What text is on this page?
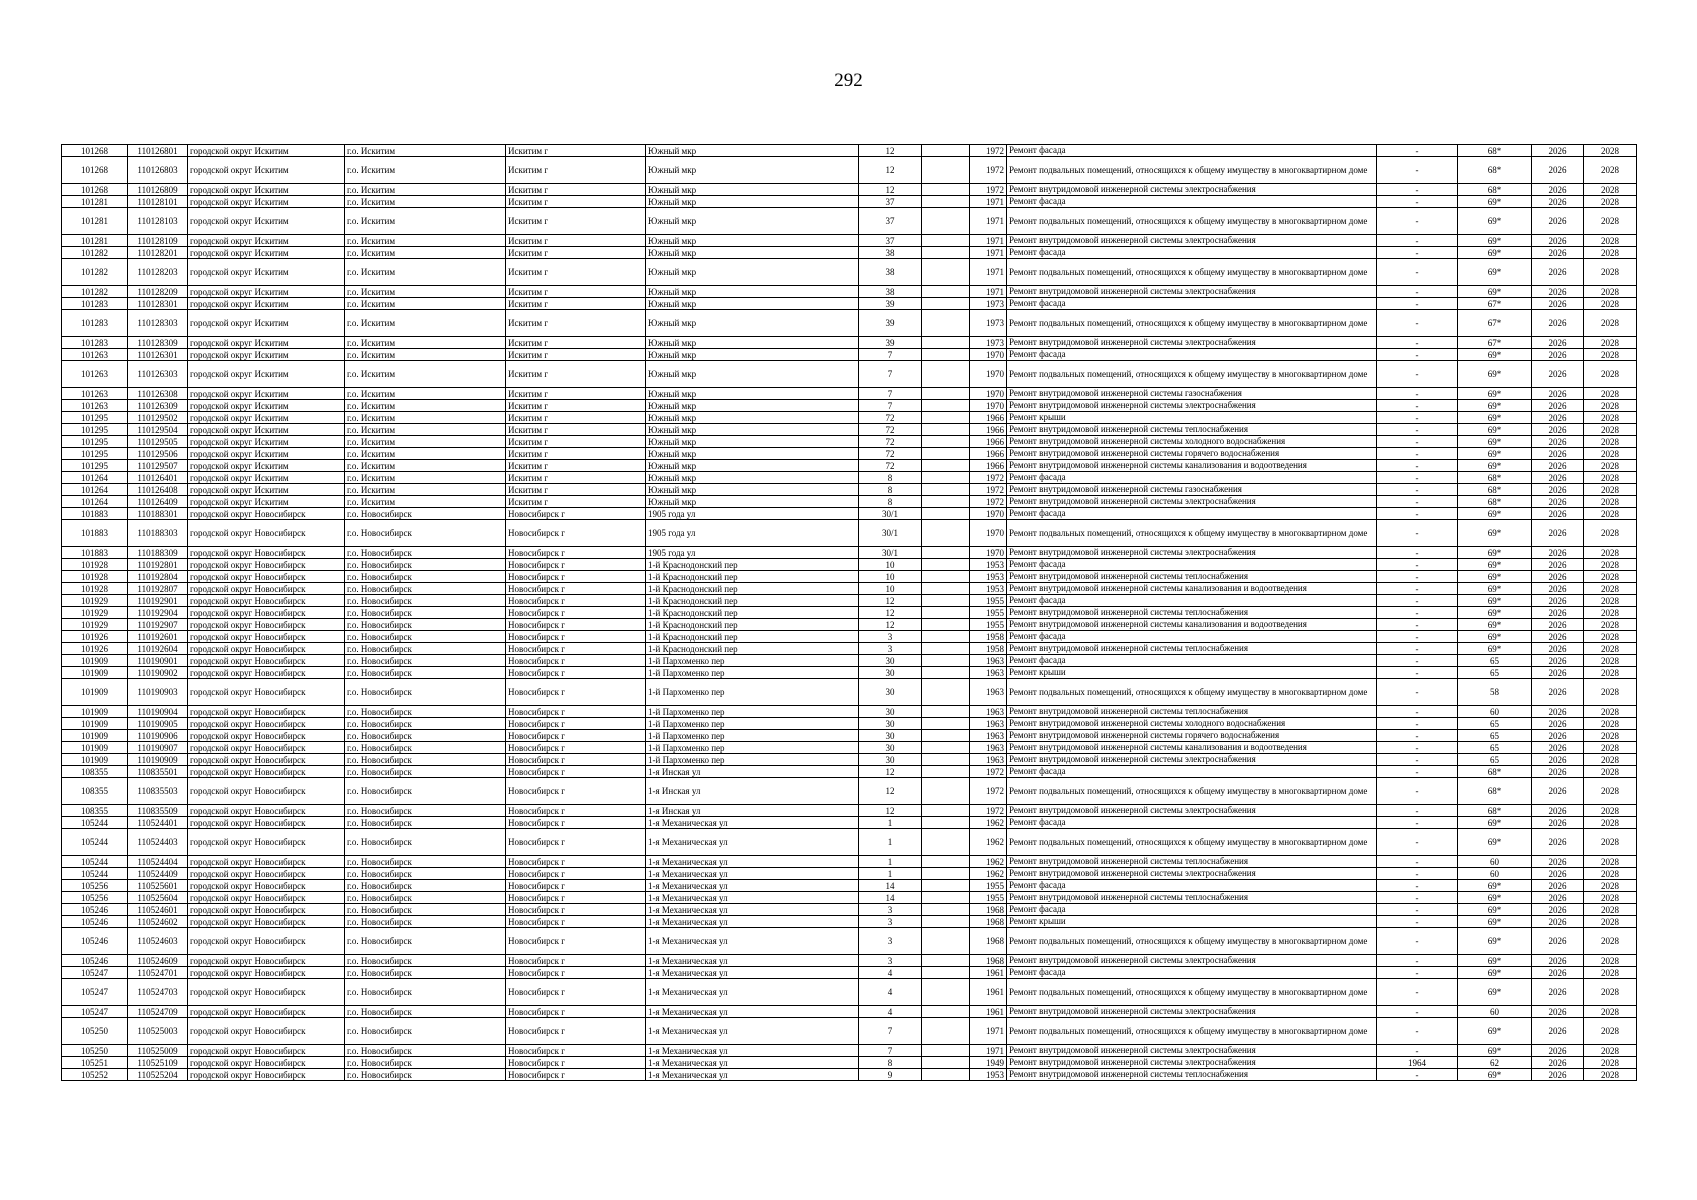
292
101268	110126801	городской округ Искитим	г.о. Искитим	Искитим г	Южный мкр	12		1972	Ремонт фасада	-	68*	2026	2028
101268	110126803	городской округ Искитим	г.о. Искитим	Искитим г	Южный мкр	12		1972	Ремонт подвальных помещений, относящихся к общему имуществу в многоквартирном доме	-	68*	2026	2028
101268	110126809	городской округ Искитим	г.о. Искитим	Искитим г	Южный мкр	12		1972	Ремонт внутридомовой инженерной системы электроснабжения	-	68*	2026	2028
101281	110128101	городской округ Искитим	г.о. Искитим	Искитим г	Южный мкр	37		1971	Ремонт фасада	-	69*	2026	2028
101281	110128103	городской округ Искитим	г.о. Искитим	Искитим г	Южный мкр	37		1971	Ремонт подвальных помещений, относящихся к общему имуществу в многоквартирном доме	-	69*	2026	2028
101281	110128109	городской округ Искитим	г.о. Искитим	Искитим г	Южный мкр	37		1971	Ремонт внутридомовой инженерной системы электроснабжения	-	69*	2026	2028
101282	110128201	городской округ Искитим	г.о. Искитим	Искитим г	Южный мкр	38		1971	Ремонт фасада	-	69*	2026	2028
101282	110128203	городской округ Искитим	г.о. Искитим	Искитим г	Южный мкр	38		1971	Ремонт подвальных помещений, относящихся к общему имуществу в многоквартирном доме	-	69*	2026	2028
101282	110128209	городской округ Искитим	г.о. Искитим	Искитим г	Южный мкр	38		1971	Ремонт внутридомовой инженерной системы электроснабжения	-	69*	2026	2028
101283	110128301	городской округ Искитим	г.о. Искитим	Искитим г	Южный мкр	39		1973	Ремонт фасада	-	67*	2026	2028
101283	110128303	городской округ Искитим	г.о. Искитим	Искитим г	Южный мкр	39		1973	Ремонт подвальных помещений, относящихся к общему имуществу в многоквартирном доме	-	67*	2026	2028
101283	110128309	городской округ Искитим	г.о. Искитим	Искитим г	Южный мкр	39		1973	Ремонт внутридомовой инженерной системы электроснабжения	-	67*	2026	2028
101263	110126301	городской округ Искитим	г.о. Искитим	Искитим г	Южный мкр	7		1970	Ремонт фасада	-	69*	2026	2028
101263	110126303	городской округ Искитим	г.о. Искитим	Искитим г	Южный мкр	7		1970	Ремонт подвальных помещений, относящихся к общему имуществу в многоквартирном доме	-	69*	2026	2028
101263	110126308	городской округ Искитим	г.о. Искитим	Искитим г	Южный мкр	7		1970	Ремонт внутридомовой инженерной системы газоснабжения	-	69*	2026	2028
101263	110126309	городской округ Искитим	г.о. Искитим	Искитим г	Южный мкр	7		1970	Ремонт внутридомовой инженерной системы электроснабжения	-	69*	2026	2028
101295	110129502	городской округ Искитим	г.о. Искитим	Искитим г	Южный мкр	72		1966	Ремонт крыши	-	69*	2026	2028
101295	110129504	городской округ Искитим	г.о. Искитим	Искитим г	Южный мкр	72		1966	Ремонт внутридомовой инженерной системы теплоснабжения	-	69*	2026	2028
101295	110129505	городской округ Искитим	г.о. Искитим	Искитим г	Южный мкр	72		1966	Ремонт внутридомовой инженерной системы холодного водоснабжения	-	69*	2026	2028
101295	110129506	городской округ Искитим	г.о. Искитим	Искитим г	Южный мкр	72		1966	Ремонт внутридомовой инженерной системы горячего водоснабжения	-	69*	2026	2028
101295	110129507	городской округ Искитим	г.о. Искитим	Искитим г	Южный мкр	72		1966	Ремонт внутридомовой инженерной системы канализования и водоотведения	-	69*	2026	2028
101264	110126401	городской округ Искитим	г.о. Искитим	Искитим г	Южный мкр	8		1972	Ремонт фасада	-	68*	2026	2028
101264	110126408	городской округ Искитим	г.о. Искитим	Искитим г	Южный мкр	8		1972	Ремонт внутридомовой инженерной системы газоснабжения	-	68*	2026	2028
101264	110126409	городской округ Искитим	г.о. Искитим	Искитим г	Южный мкр	8		1972	Ремонт внутридомовой инженерной системы электроснабжения	-	68*	2026	2028
101883	110188301	городской округ Новосибирск	г.о. Новосибирск	Новосибирск г	1905 года ул	30/1		1970	Ремонт фасада	-	69*	2026	2028
101883	110188303	городской округ Новосибирск	г.о. Новосибирск	Новосибирск г	1905 года ул	30/1		1970	Ремонт подвальных помещений, относящихся к общему имуществу в многоквартирном доме	-	69*	2026	2028
101883	110188309	городской округ Новосибирск	г.о. Новосибирск	Новосибирск г	1905 года ул	30/1		1970	Ремонт внутридомовой инженерной системы электроснабжения	-	69*	2026	2028
101928	110192801	городской округ Новосибирск	г.о. Новосибирск	Новосибирск г	1-й Краснодонский пер	10		1953	Ремонт фасада	-	69*	2026	2028
101928	110192804	городской округ Новосибирск	г.о. Новосибирск	Новосибирск г	1-й Краснодонский пер	10		1953	Ремонт внутридомовой инженерной системы теплоснабжения	-	69*	2026	2028
101928	110192807	городской округ Новосибирск	г.о. Новосибирск	Новосибирск г	1-й Краснодонский пер	10		1953	Ремонт внутридомовой инженерной системы канализования и водоотведения	-	69*	2026	2028
101929	110192901	городской округ Новосибирск	г.о. Новосибирск	Новосибирск г	1-й Краснодонский пер	12		1955	Ремонт фасада	-	69*	2026	2028
101929	110192904	городской округ Новосибирск	г.о. Новосибирск	Новосибирск г	1-й Краснодонский пер	12		1955	Ремонт внутридомовой инженерной системы теплоснабжения	-	69*	2026	2028
101929	110192907	городской округ Новосибирск	г.о. Новосибирск	Новосибирск г	1-й Краснодонский пер	12		1955	Ремонт внутридомовой инженерной системы канализования и водоотведения	-	69*	2026	2028
101926	110192601	городской округ Новосибирск	г.о. Новосибирск	Новосибирск г	1-й Краснодонский пер	3		1958	Ремонт фасада	-	69*	2026	2028
101926	110192604	городской округ Новосибирск	г.о. Новосибирск	Новосибирск г	1-й Краснодонский пер	3		1958	Ремонт внутридомовой инженерной системы теплоснабжения	-	69*	2026	2028
101909	110190901	городской округ Новосибирск	г.о. Новосибирск	Новосибирск г	1-й Пархоменко пер	30		1963	Ремонт фасада	-	65	2026	2028
101909	110190902	городской округ Новосибирск	г.о. Новосибирск	Новосибирск г	1-й Пархоменко пер	30		1963	Ремонт крыши	-	65	2026	2028
101909	110190903	городской округ Новосибирск	г.о. Новосибирск	Новосибирск г	1-й Пархоменко пер	30		1963	Ремонт подвальных помещений, относящихся к общему имуществу в многоквартирном доме	-	58	2026	2028
101909	110190904	городской округ Новосибирск	г.о. Новосибирск	Новосибирск г	1-й Пархоменко пер	30		1963	Ремонт внутридомовой инженерной системы теплоснабжения	-	60	2026	2028
101909	110190905	городской округ Новосибирск	г.о. Новосибирск	Новосибирск г	1-й Пархоменко пер	30		1963	Ремонт внутридомовой инженерной системы холодного водоснабжения	-	65	2026	2028
101909	110190906	городской округ Новосибирск	г.о. Новосибирск	Новосибирск г	1-й Пархоменко пер	30		1963	Ремонт внутридомовой инженерной системы горячего водоснабжения	-	65	2026	2028
101909	110190907	городской округ Новосибирск	г.о. Новосибирск	Новосибирск г	1-й Пархоменко пер	30		1963	Ремонт внутридомовой инженерной системы канализования и водоотведения	-	65	2026	2028
101909	110190909	городской округ Новосибирск	г.о. Новосибирск	Новосибирск г	1-й Пархоменко пер	30		1963	Ремонт внутридомовой инженерной системы электроснабжения	-	65	2026	2028
108355	110835501	городской округ Новосибирск	г.о. Новосибирск	Новосибирск г	1-я Инская ул	12		1972	Ремонт фасада	-	68*	2026	2028
108355	110835503	городской округ Новосибирск	г.о. Новосибирск	Новосибирск г	1-я Инская ул	12		1972	Ремонт подвальных помещений, относящихся к общему имуществу в многоквартирном доме	-	68*	2026	2028
108355	110835509	городской округ Новосибирск	г.о. Новосибирск	Новосибирск г	1-я Инская ул	12		1972	Ремонт внутридомовой инженерной системы электроснабжения	-	68*	2026	2028
105244	110524401	городской округ Новосибирск	г.о. Новосибирск	Новосибирск г	1-я Механическая ул	1		1962	Ремонт фасада	-	69*	2026	2028
105244	110524403	городской округ Новосибирск	г.о. Новосибирск	Новосибирск г	1-я Механическая ул	1		1962	Ремонт подвальных помещений, относящихся к общему имуществу в многоквартирном доме	-	69*	2026	2028
105244	110524404	городской округ Новосибирск	г.о. Новосибирск	Новосибирск г	1-я Механическая ул	1		1962	Ремонт внутридомовой инженерной системы теплоснабжения	-	60	2026	2028
105244	110524409	городской округ Новосибирск	г.о. Новосибирск	Новосибирск г	1-я Механическая ул	1		1962	Ремонт внутридомовой инженерной системы электроснабжения	-	60	2026	2028
105256	110525601	городской округ Новосибирск	г.о. Новосибирск	Новосибирск г	1-я Механическая ул	14		1955	Ремонт фасада	-	69*	2026	2028
105256	110525604	городской округ Новосибирск	г.о. Новосибирск	Новосибирск г	1-я Механическая ул	14		1955	Ремонт внутридомовой инженерной системы теплоснабжения	-	69*	2026	2028
105246	110524601	городской округ Новосибирск	г.о. Новосибирск	Новосибирск г	1-я Механическая ул	3		1968	Ремонт фасада	-	69*	2026	2028
105246	110524602	городской округ Новосибирск	г.о. Новосибирск	Новосибирск г	1-я Механическая ул	3		1968	Ремонт крыши	-	69*	2026	2028
105246	110524603	городской округ Новосибирск	г.о. Новосибирск	Новосибирск г	1-я Механическая ул	3		1968	Ремонт подвальных помещений, относящихся к общему имуществу в многоквартирном доме	-	69*	2026	2028
105246	110524609	городской округ Новосибирск	г.о. Новосибирск	Новосибирск г	1-я Механическая ул	3		1968	Ремонт внутридомовой инженерной системы электроснабжения	-	69*	2026	2028
105247	110524701	городской округ Новосибирск	г.о. Новосибирск	Новосибирск г	1-я Механическая ул	4		1961	Ремонт фасада	-	69*	2026	2028
105247	110524703	городской округ Новосибирск	г.о. Новосибирск	Новосибирск г	1-я Механическая ул	4		1961	Ремонт подвальных помещений, относящихся к общему имуществу в многоквартирном доме	-	69*	2026	2028
105247	110524709	городской округ Новосибирск	г.о. Новосибирск	Новосибирск г	1-я Механическая ул	4		1961	Ремонт внутридомовой инженерной системы электроснабжения	-	60	2026	2028
105250	110525003	городской округ Новосибирск	г.о. Новосибирск	Новосибирск г	1-я Механическая ул	7		1971	Ремонт подвальных помещений, относящихся к общему имуществу в многоквартирном доме	-	69*	2026	2028
105250	110525009	городской округ Новосибирск	г.о. Новосибирск	Новосибирск г	1-я Механическая ул	7		1971	Ремонт внутридомовой инженерной системы электроснабжения	-	69*	2026	2028
105251	110525109	городской округ Новосибирск	г.о. Новосибирск	Новосибирск г	1-я Механическая ул	8		1949	Ремонт внутридомовой инженерной системы электроснабжения	1964	62	2026	2028
105252	110525204	городской округ Новосибирск	г.о. Новосибирск	Новосибирск г	1-я Механическая ул	9		1953	Ремонт внутридомовой инженерной системы теплоснабжения	-	69*	2026	2028
